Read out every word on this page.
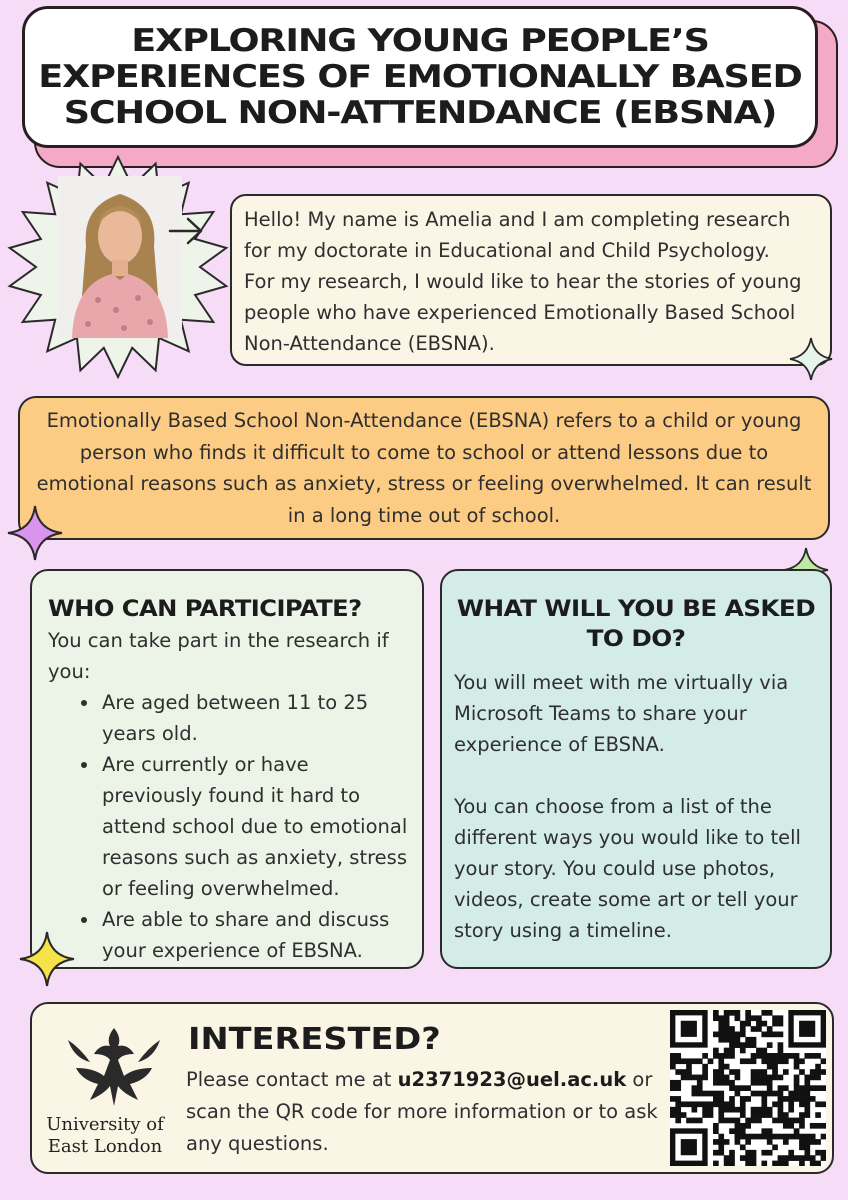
EXPLORING YOUNG PEOPLE’S EXPERIENCES OF EMOTIONALLY BASED SCHOOL NON-ATTENDANCE (EBSNA)

Hello! My name is Amelia and I am completing research for my doctorate in Educational and Child Psychology.

For my research, I would like to hear the stories of young people who have experienced Emotionally Based School Non-Attendance (EBSNA).

Emotionally Based School Non-Attendance (EBSNA) refers to a child or young person who finds it difficult to come to school or attend lessons due to emotional reasons such as anxiety, stress or feeling overwhelmed. It can result in a long time out of school.
WHO CAN PARTICIPATE?

You can take part in the research if you:

• Are aged between 11 to 25 years old.
• Are currently or have previously found it hard to attend school due to emotional reasons such as anxiety, stress or feeling overwhelmed.
• Are able to share and discuss your experience of EBSNA.
WHAT WILL YOU BE ASKED TO DO?

You will meet with me virtually via Microsoft Teams to share your experience of EBSNA.

You can choose from a list of the different ways you would like to tell your story. You could use photos, videos, create some art or tell your story using a timeline.

University of
East London
INTERESTED?
Please contact me at u2371923@uel.ac.uk or scan the QR code for more information or to ask any questions.
